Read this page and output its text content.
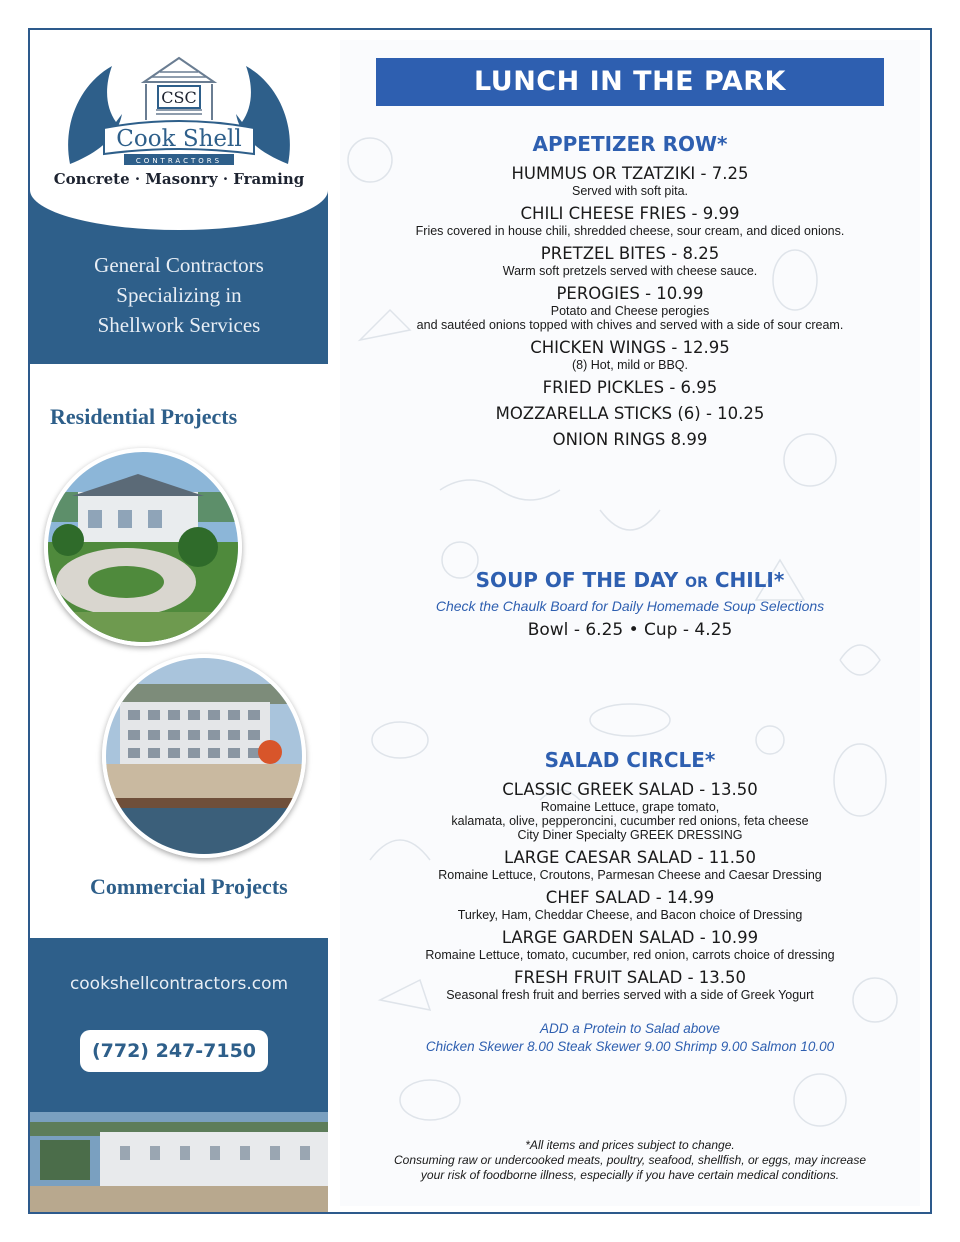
CSC
Cook Shell
CONTRACTORS
Concrete · Masonry · Framing
General Contractors
Specializing in
Shellwork Services
Residential Projects
Commercial Projects
cookshellcontractors.com
(772) 247-7150
LUNCH IN THE PARK
APPETIZER ROW*
HUMMUS OR TZATZIKI - 7.25
Served with soft pita.
CHILI CHEESE FRIES - 9.99
Fries covered in house chili, shredded cheese, sour cream, and diced onions.
PRETZEL BITES - 8.25
Warm soft pretzels served with cheese sauce.
PEROGIES - 10.99
Potato and Cheese perogies
and sautéed onions topped with chives and served with a side of sour cream.
CHICKEN WINGS - 12.95
(8) Hot, mild or BBQ.
FRIED PICKLES - 6.95
MOZZARELLA STICKS (6) - 10.25
ONION RINGS 8.99
SOUP OF THE DAY OR CHILI*
Check the Chaulk Board for Daily Homemade Soup Selections
Bowl - 6.25 • Cup - 4.25
SALAD CIRCLE*
CLASSIC GREEK SALAD - 13.50
Romaine Lettuce, grape tomato,
kalamata, olive, pepperoncini, cucumber red onions, feta cheese
City Diner Specialty GREEK DRESSING
LARGE CAESAR SALAD - 11.50
Romaine Lettuce, Croutons, Parmesan Cheese and Caesar Dressing
CHEF SALAD - 14.99
Turkey, Ham, Cheddar Cheese, and Bacon choice of Dressing
LARGE GARDEN SALAD - 10.99
Romaine Lettuce, tomato, cucumber, red onion, carrots choice of dressing
FRESH FRUIT SALAD - 13.50
Seasonal fresh fruit and berries served with a side of Greek Yogurt
ADD a Protein to Salad above
Chicken Skewer 8.00 Steak Skewer 9.00 Shrimp 9.00 Salmon 10.00
*All items and prices subject to change.
Consuming raw or undercooked meats, poultry, seafood, shellfish, or eggs, may increase
your risk of foodborne illness, especially if you have certain medical conditions.
